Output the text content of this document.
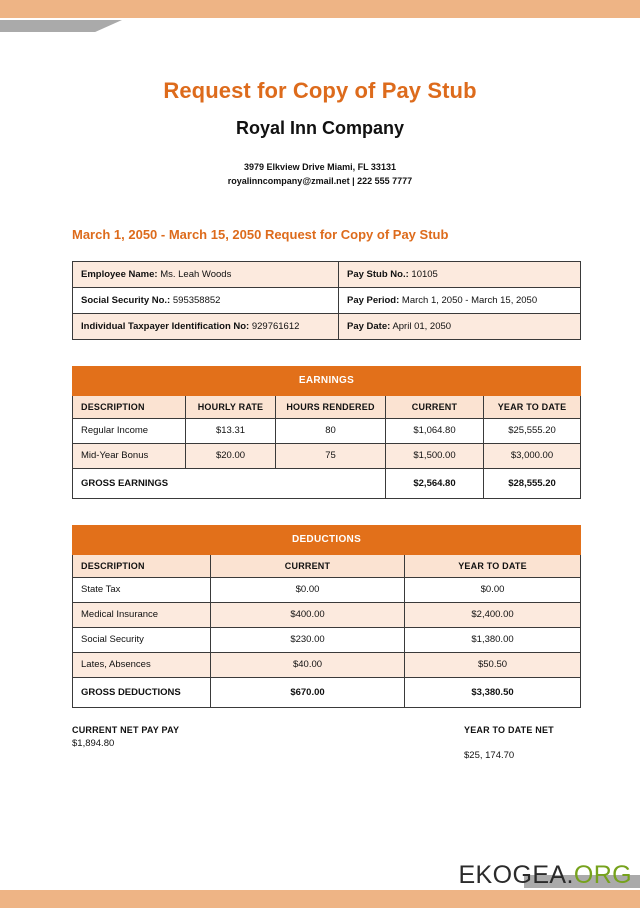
Request for Copy of Pay Stub
Royal Inn Company
3979 Elkview Drive Miami, FL 33131
royalinncompany@zmail.net | 222 555 7777
March 1, 2050 - March 15, 2050 Request for Copy of Pay Stub
Employee Name: Ms. Leah Woods	Pay Stub No.: 10105
Social Security No.: 595358852	Pay Period: March 1, 2050 - March 15, 2050
Individual Taxpayer Identification No: 929761612	Pay Date: April 01, 2050
EARNINGS				
DESCRIPTION	HOURLY RATE	HOURS RENDERED	CURRENT	YEAR TO DATE
Regular Income	$13.31	80	$1,064.80	$25,555.20
Mid-Year Bonus	$20.00	75	$1,500.00	$3,000.00
GROSS EARNINGS			$2,564.80	$28,555.20
DEDUCTIONS		
DESCRIPTION	CURRENT	YEAR TO DATE
State Tax	$0.00	$0.00
Medical Insurance	$400.00	$2,400.00
Social Security	$230.00	$1,380.00
Lates, Absences	$40.00	$50.50
GROSS DEDUCTIONS	$670.00	$3,380.50
CURRENT NET PAY PAY
$1,894.80
YEAR TO DATE NET
$25, 174.70
EKOGEA.ORG
